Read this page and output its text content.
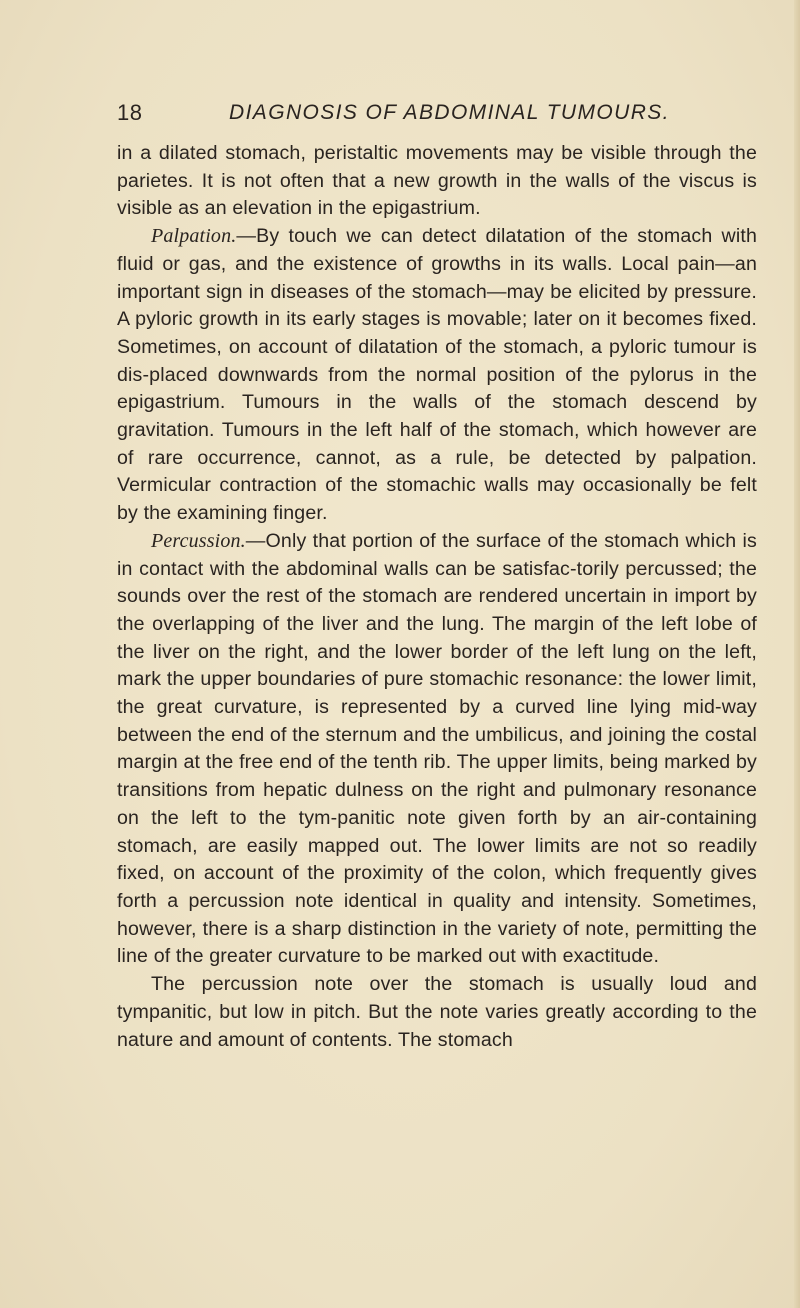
18	DIAGNOSIS OF ABDOMINAL TUMOURS.

in a dilated stomach, peristaltic movements may be visible through the parietes. It is not often that a new growth in the walls of the viscus is visible as an elevation in the epigastrium.

Palpation.—By touch we can detect dilatation of the stomach with fluid or gas, and the existence of growths in its walls. Local pain—an important sign in diseases of the stomach—may be elicited by pressure. A pyloric growth in its early stages is movable; later on it becomes fixed. Sometimes, on account of dilatation of the stomach, a pyloric tumour is dis-placed downwards from the normal position of the pylorus in the epigastrium. Tumours in the walls of the stomach descend by gravitation. Tumours in the left half of the stomach, which however are of rare occurrence, cannot, as a rule, be detected by palpation. Vermicular contraction of the stomachic walls may occasionally be felt by the examining finger.

Percussion.—Only that portion of the surface of the stomach which is in contact with the abdominal walls can be satisfac-torily percussed; the sounds over the rest of the stomach are rendered uncertain in import by the overlapping of the liver and the lung. The margin of the left lobe of the liver on the right, and the lower border of the left lung on the left, mark the upper boundaries of pure stomachic resonance: the lower limit, the great curvature, is represented by a curved line lying mid-way between the end of the sternum and the umbilicus, and joining the costal margin at the free end of the tenth rib. The upper limits, being marked by transitions from hepatic dulness on the right and pulmonary resonance on the left to the tym-panitic note given forth by an air-containing stomach, are easily mapped out. The lower limits are not so readily fixed, on account of the proximity of the colon, which frequently gives forth a percussion note identical in quality and intensity. Sometimes, however, there is a sharp distinction in the variety of note, permitting the line of the greater curvature to be marked out with exactitude.

The percussion note over the stomach is usually loud and tympanitic, but low in pitch. But the note varies greatly according to the nature and amount of contents. The stomach
